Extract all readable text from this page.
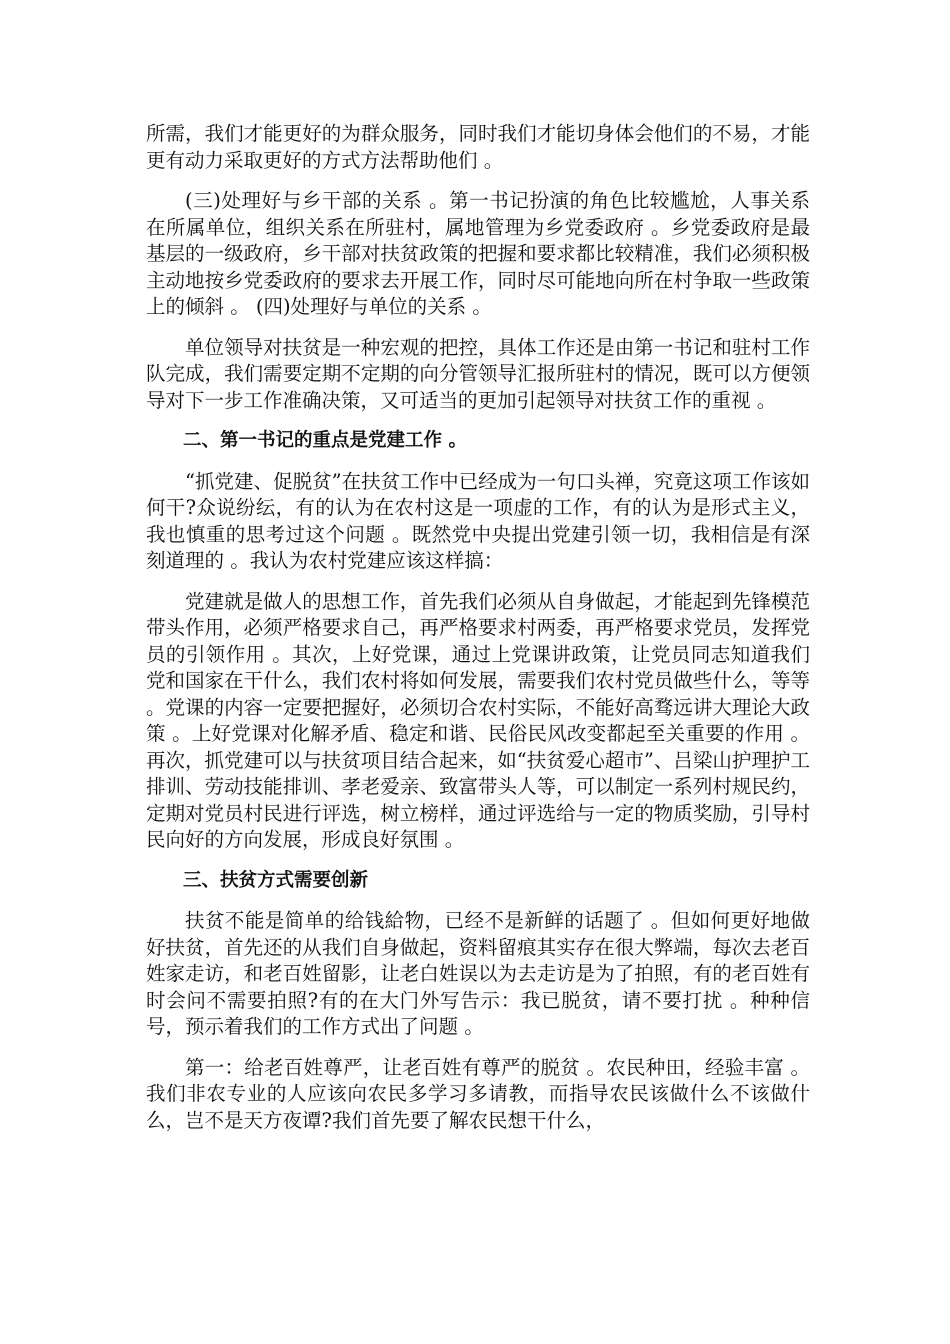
所需，我们才能更好的为群众服务，同时我们才能切身体会他们的不易，才能更有动力采取更好的方式方法帮助他们 。

(三)处理好与乡干部的关系 。第一书记扮演的角色比较尴尬，人事关系在所属单位，组织关系在所驻村，属地管理为乡党委政府 。乡党委政府是最基层的一级政府，乡干部对扶贫政策的把握和要求都比较精准，我们必须积极主动地按乡党委政府的要求去开展工作，同时尽可能地向所在村争取一些政策上的倾斜 。 (四)处理好与单位的关系 。

单位领导对扶贫是一种宏观的把控，具体工作还是由第一书记和驻村工作队完成，我们需要定期不定期的向分管领导汇报所驻村的情况，既可以方便领导对下一步工作准确决策，又可适当的更加引起领导对扶贫工作的重视 。

二、第一书记的重点是党建工作 。

“抓党建、促脱贫”在扶贫工作中已经成为一句口头禅，究竟这项工作该如何干?众说纷纭，有的认为在农村这是一项虚的工作，有的认为是形式主义，我也慎重的思考过这个问题 。既然党中央提出党建引领一切，我相信是有深刻道理的 。我认为农村党建应该这样搞：

党建就是做人的思想工作，首先我们必须从自身做起，才能起到先锋模范带头作用，必须严格要求自己，再严格要求村两委，再严格要求党员，发挥党员的引领作用 。其次，上好党课，通过上党课讲政策，让党员同志知道我们党和国家在干什么，我们农村将如何发展，需要我们农村党员做些什么，等等 。党课的内容一定要把握好，必须切合农村实际，不能好高骛远讲大理论大政策 。上好党课对化解矛盾、稳定和谐、民俗民风改变都起至关重要的作用 。再次，抓党建可以与扶贫项目结合起来，如“扶贫爱心超市”、吕梁山护理护工排训、劳动技能排训、孝老爱亲、致富带头人等，可以制定一系列村规民约，定期对党员村民进行评选，树立榜样，通过评选给与一定的物质奖励，引导村民向好的方向发展，形成良好氛围 。

三、扶贫方式需要创新

扶贫不能是简单的给钱給物，已经不是新鲜的话题了 。但如何更好地做好扶贫，首先还的从我们自身做起，资料留痕其实存在很大弊端，每次去老百姓家走访，和老百姓留影，让老白姓误以为去走访是为了拍照，有的老百姓有时会问不需要拍照?有的在大门外写告示：我已脱贫，请不要打扰 。种种信号，预示着我们的工作方式出了问题 。

第一：给老百姓尊严，让老百姓有尊严的脱贫 。农民种田，经验丰富 。我们非农专业的人应该向农民多学习多请教，而指导农民该做什么不该做什么，岂不是天方夜谭?我们首先要了解农民想干什么，
